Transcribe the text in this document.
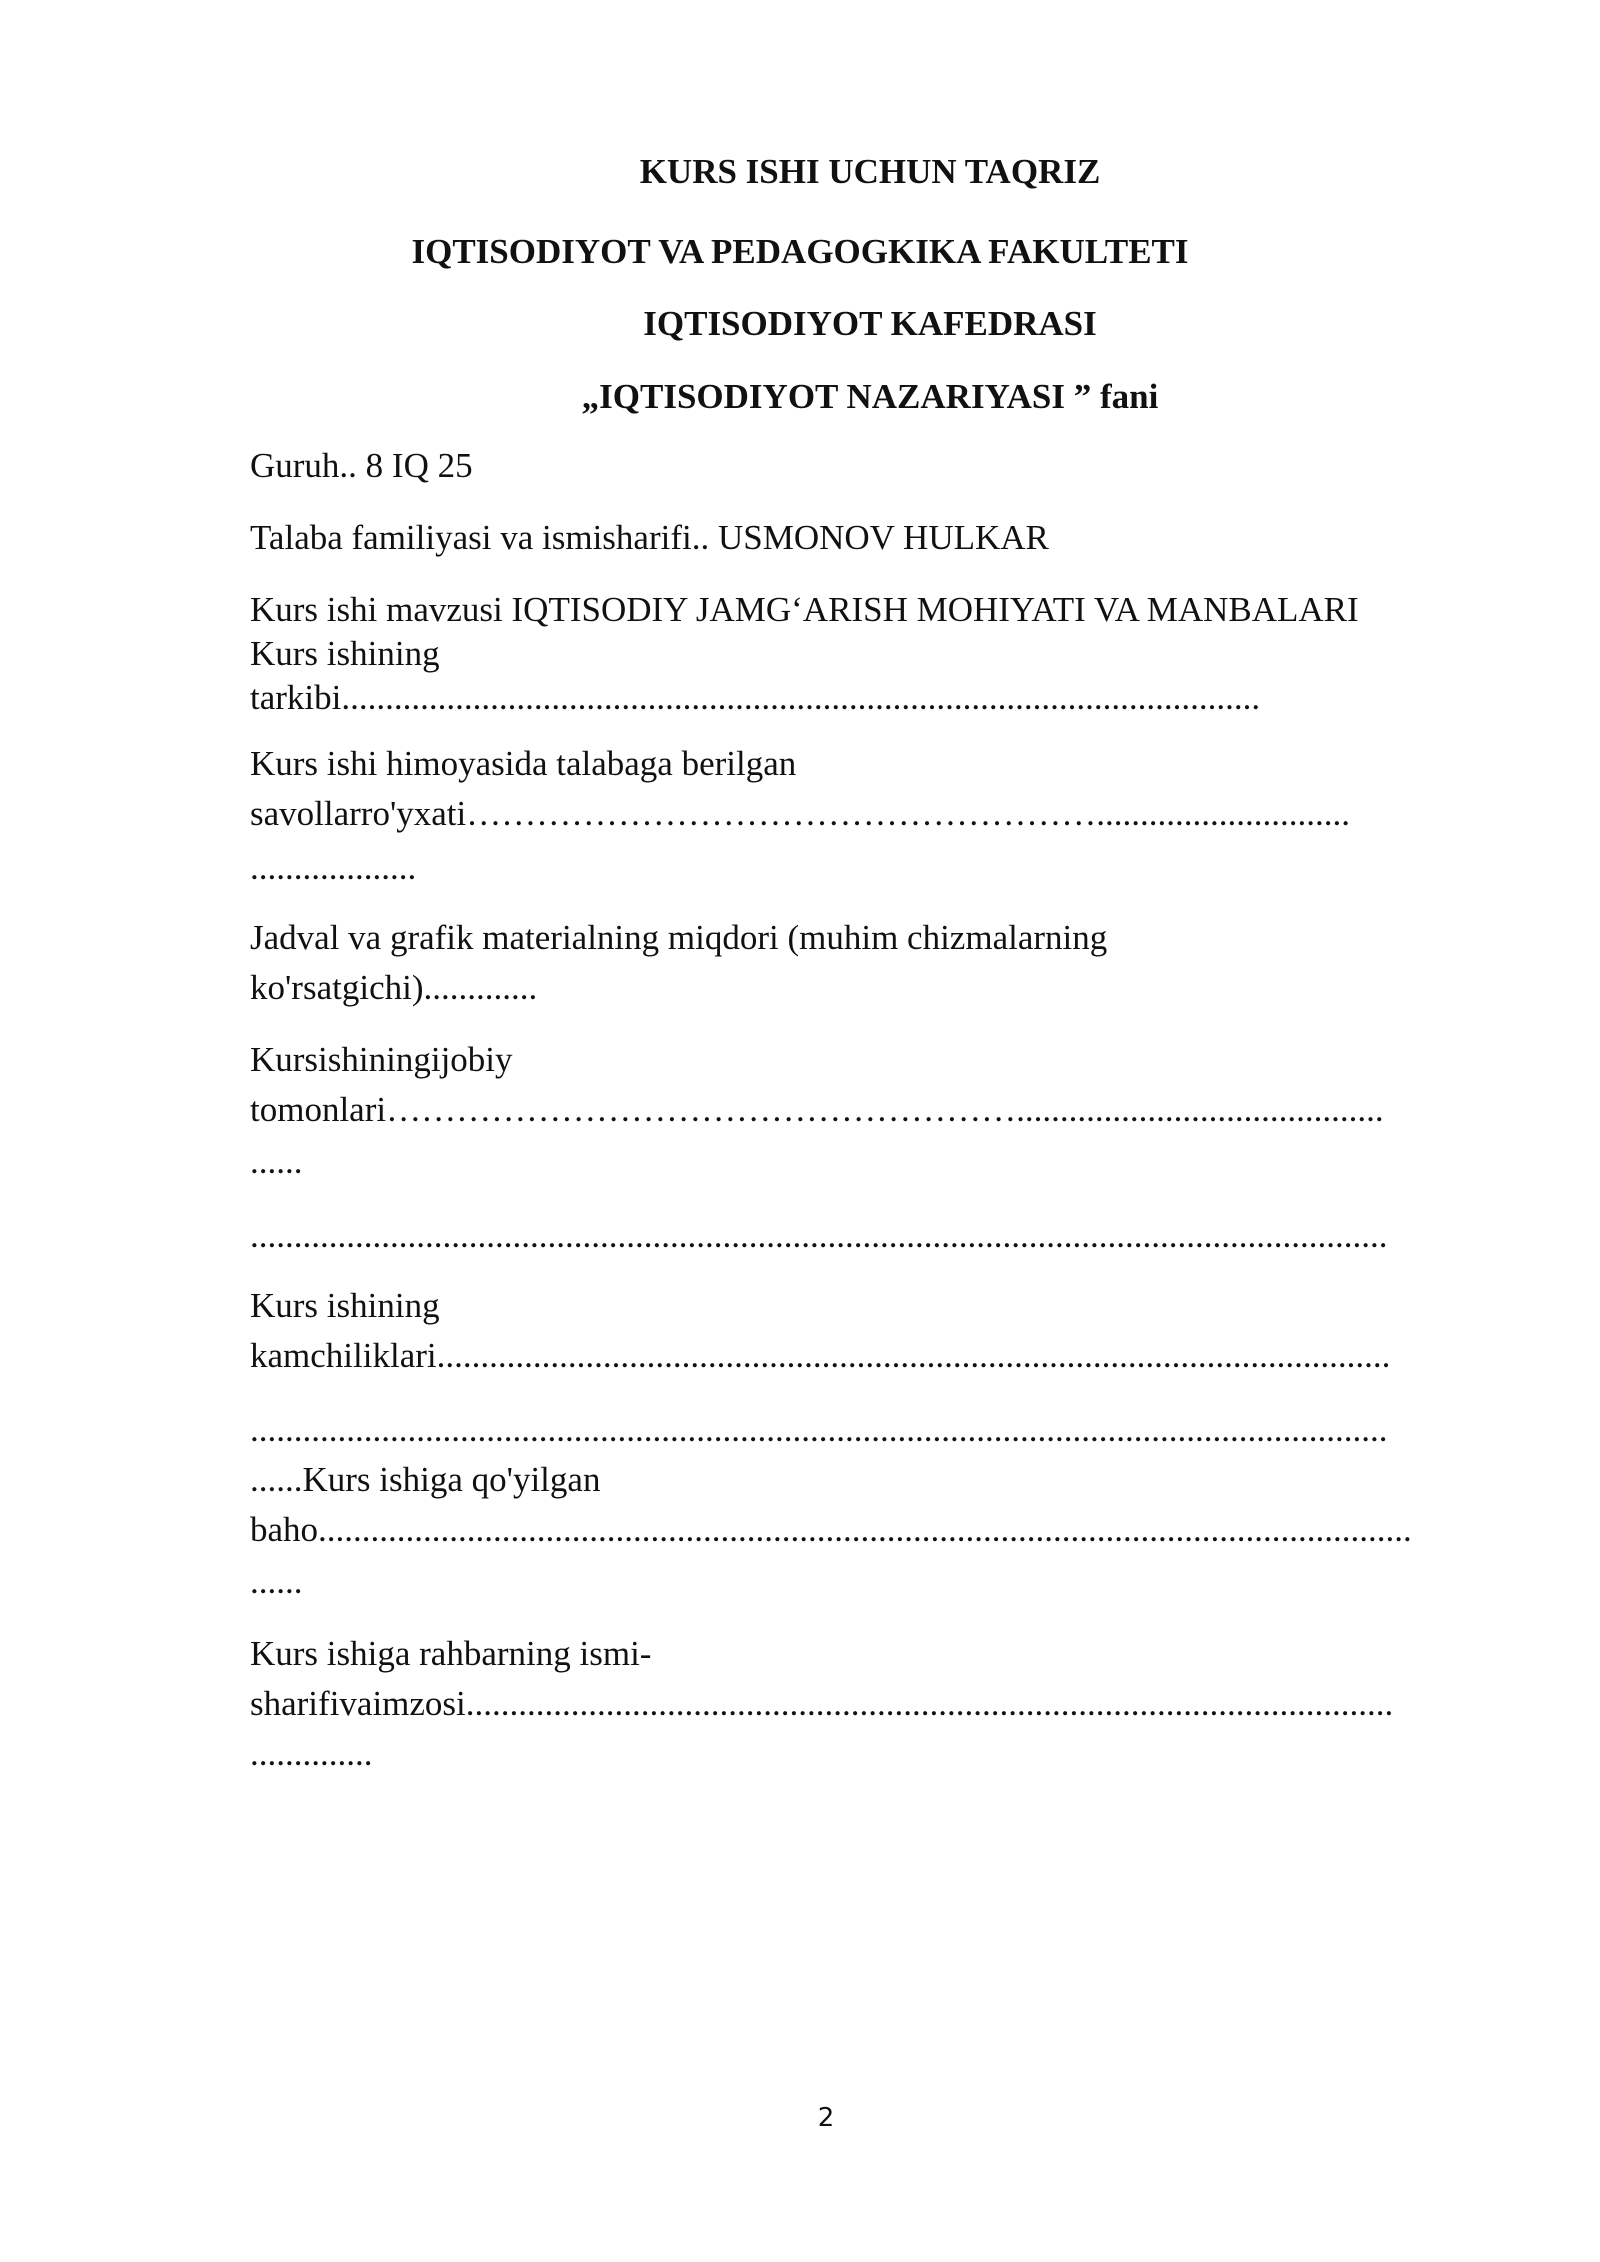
KURS ISHI UCHUN TAQRIZ
IQTISODIYOT VA PEDAGOGKIKA FAKULTETI
IQTISODIYOT KAFEDRASI
„IQTISODIYOT NAZARIYASI ” fani
Guruh.. 8 IQ 25
Talaba familiyasi va ismisharifi.. USMONOV HULKAR
Kurs ishi mavzusi IQTISODIY JAMG‘ARISH MOHIYATI VA MANBALARI
Kurs ishining
tarkibi.........................................................................................................
Kurs ishi himoyasida talabaga berilgan
savollarro'yxati……………………………………………….............................
...................
Jadval va grafik materialning miqdori (muhim chizmalarning
ko'rsatgichi).............
Kursishiningijobiy
tomonlari………………………………………………..........................................
......
..................................................................................................................................
Kurs ishining
kamchiliklari.............................................................................................................
..................................................................................................................................
......Kurs ishiga qo'yilgan
baho.............................................................................................................................
......
Kurs ishiga rahbarning ismi-
sharifivaimzosi..........................................................................................................
..............
2
